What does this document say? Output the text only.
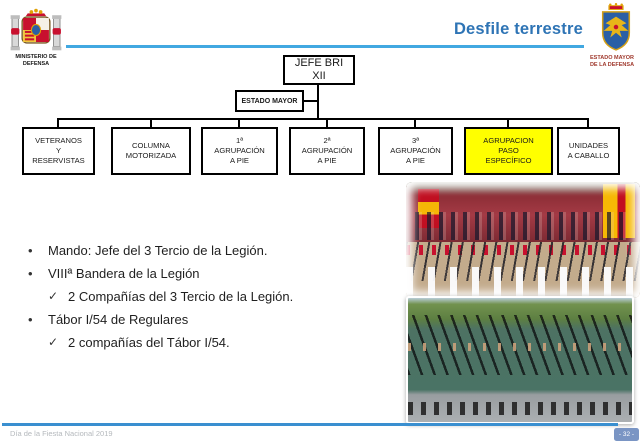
MINISTERIO DE
DEFENSA
Desfile terrestre
ESTADO MAYOR
DE LA DEFENSA
JEFE BRI
XII
ESTADO MAYOR
VETERANOS
Y
RESERVISTAS
COLUMNA
MOTORIZADA
1ª
AGRUPACIÓN
A PIE
2ª
AGRUPACIÓN
A PIE
3ª
AGRUPACIÓN
A PIE
AGRUPACION
PASO
ESPECÍFICO
UNIDADES
A CABALLO
•	Mando: Jefe del 3 Tercio de la Legión.
•	VIIIª Bandera de la Legión
✓ 2 Compañías del 3 Tercio de la Legión.
•	Tábor I/54 de Regulares
✓ 2 compañías del Tábor I/54.
Día de la Fiesta Nacional 2019	- 32 -
